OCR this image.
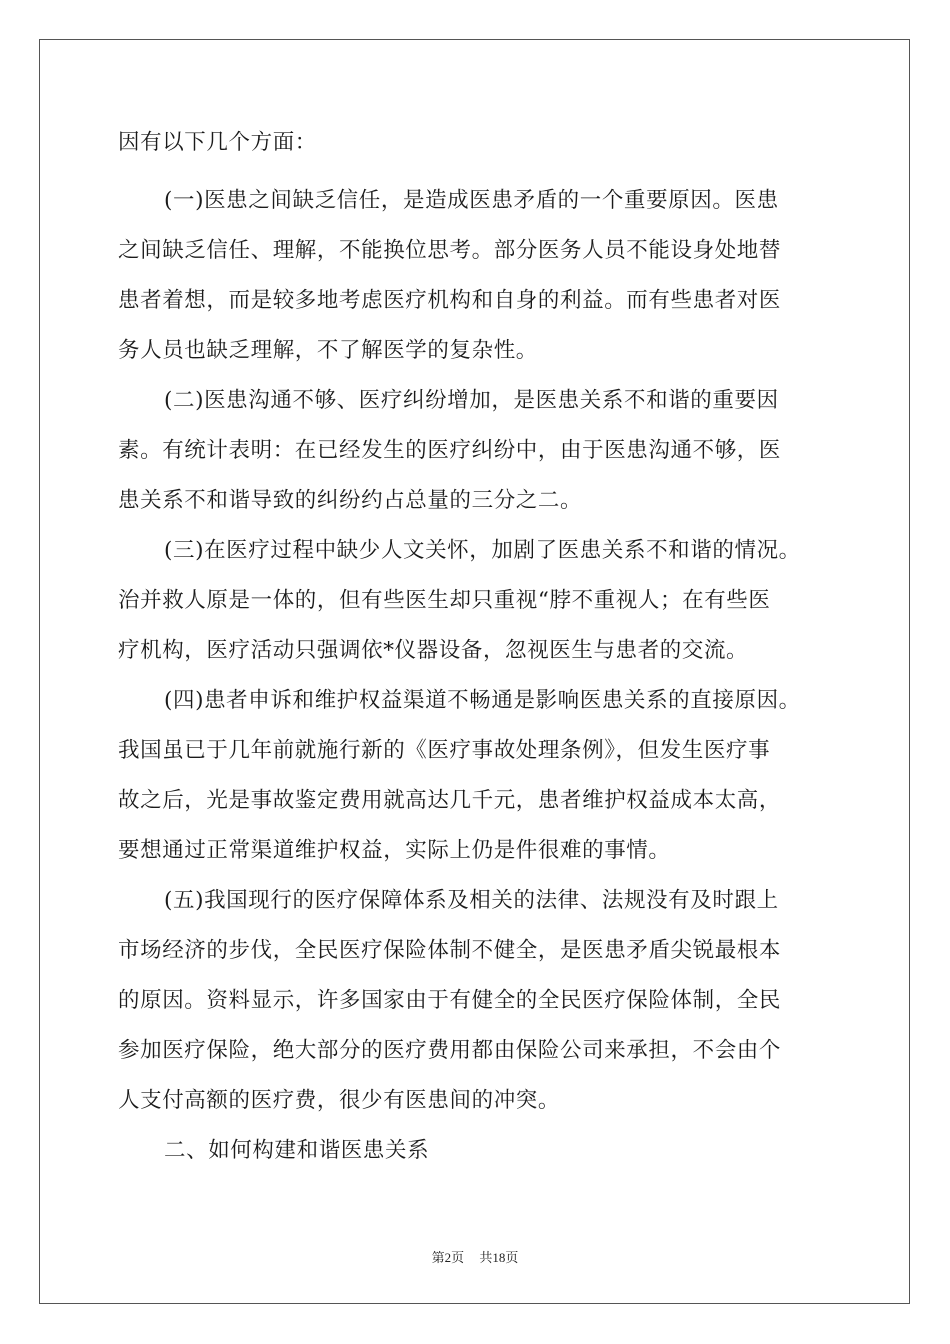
因有以下几个方面：
(一)医患之间缺乏信任，是造成医患矛盾的一个重要原因。医患
之间缺乏信任、理解，不能换位思考。部分医务人员不能设身处地替
患者着想，而是较多地考虑医疗机构和自身的利益。而有些患者对医
务人员也缺乏理解，不了解医学的复杂性。
(二)医患沟通不够、医疗纠纷增加，是医患关系不和谐的重要因
素。有统计表明：在已经发生的医疗纠纷中，由于医患沟通不够，医
患关系不和谐导致的纠纷约占总量的三分之二。
(三)在医疗过程中缺少人文关怀，加剧了医患关系不和谐的情况。
治并救人原是一体的，但有些医生却只重视“脖不重视人；在有些医
疗机构，医疗活动只强调依*仪器设备，忽视医生与患者的交流。
(四)患者申诉和维护权益渠道不畅通是影响医患关系的直接原因。
我国虽已于几年前就施行新的《医疗事故处理条例》，但发生医疗事
故之后，光是事故鉴定费用就高达几千元，患者维护权益成本太高，
要想通过正常渠道维护权益，实际上仍是件很难的事情。
(五)我国现行的医疗保障体系及相关的法律、法规没有及时跟上
市场经济的步伐，全民医疗保险体制不健全，是医患矛盾尖锐最根本
的原因。资料显示，许多国家由于有健全的全民医疗保险体制，全民
参加医疗保险，绝大部分的医疗费用都由保险公司来承担，不会由个
人支付高额的医疗费，很少有医患间的冲突。
二、如何构建和谐医患关系
第2页 共18页
